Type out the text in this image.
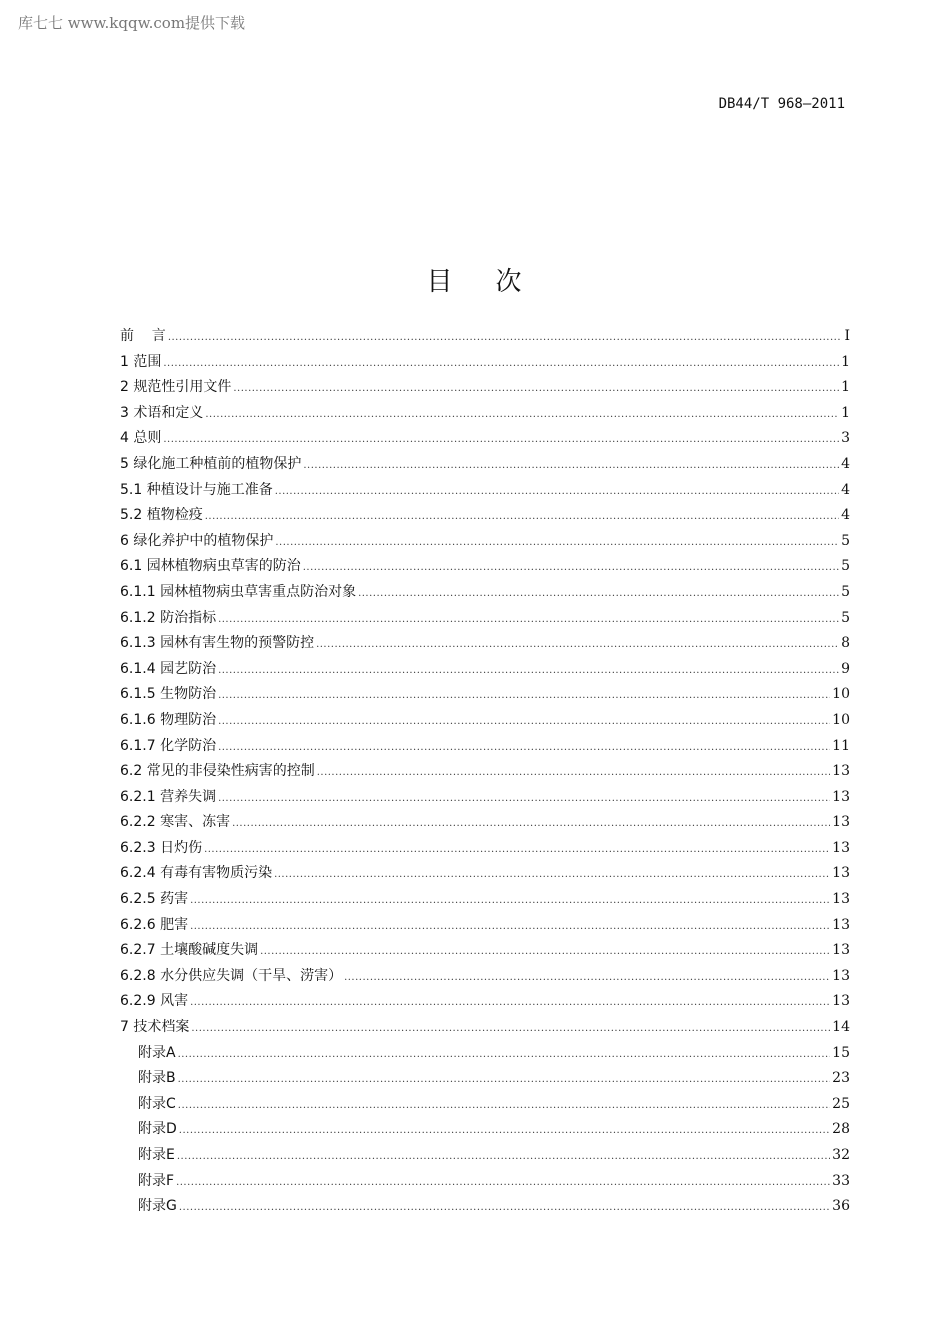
库七七 www.kqqw.com提供下载
DB44/T 968—2011
目    次
前    言 .....	I
1 范围 .....	1
2 规范性引用文件 .....	1
3 术语和定义 .....	1
4 总则 .....	3
5 绿化施工种植前的植物保护 .....	4
5.1 种植设计与施工准备 .....	4
5.2 植物检疫 .....	4
6 绿化养护中的植物保护 .....	5
6.1 园林植物病虫草害的防治 .....	5
6.1.1 园林植物病虫草害重点防治对象 .....	5
6.1.2 防治指标 .....	5
6.1.3 园林有害生物的预警防控 .....	8
6.1.4 园艺防治 .....	9
6.1.5 生物防治 .....	10
6.1.6 物理防治 .....	10
6.1.7 化学防治 .....	11
6.2 常见的非侵染性病害的控制 .....	13
6.2.1 营养失调 .....	13
6.2.2 寒害、冻害 .....	13
6.2.3 日灼伤 .....	13
6.2.4 有毒有害物质污染 .....	13
6.2.5 药害 .....	13
6.2.6 肥害 .....	13
6.2.7 土壤酸碱度失调 .....	13
6.2.8 水分供应失调（干旱、涝害） .....	13
6.2.9 风害 .....	13
7 技术档案 .....	14
附录A .....	15
附录B .....	23
附录C .....	25
附录D .....	28
附录E .....	32
附录F .....	33
附录G .....	36
